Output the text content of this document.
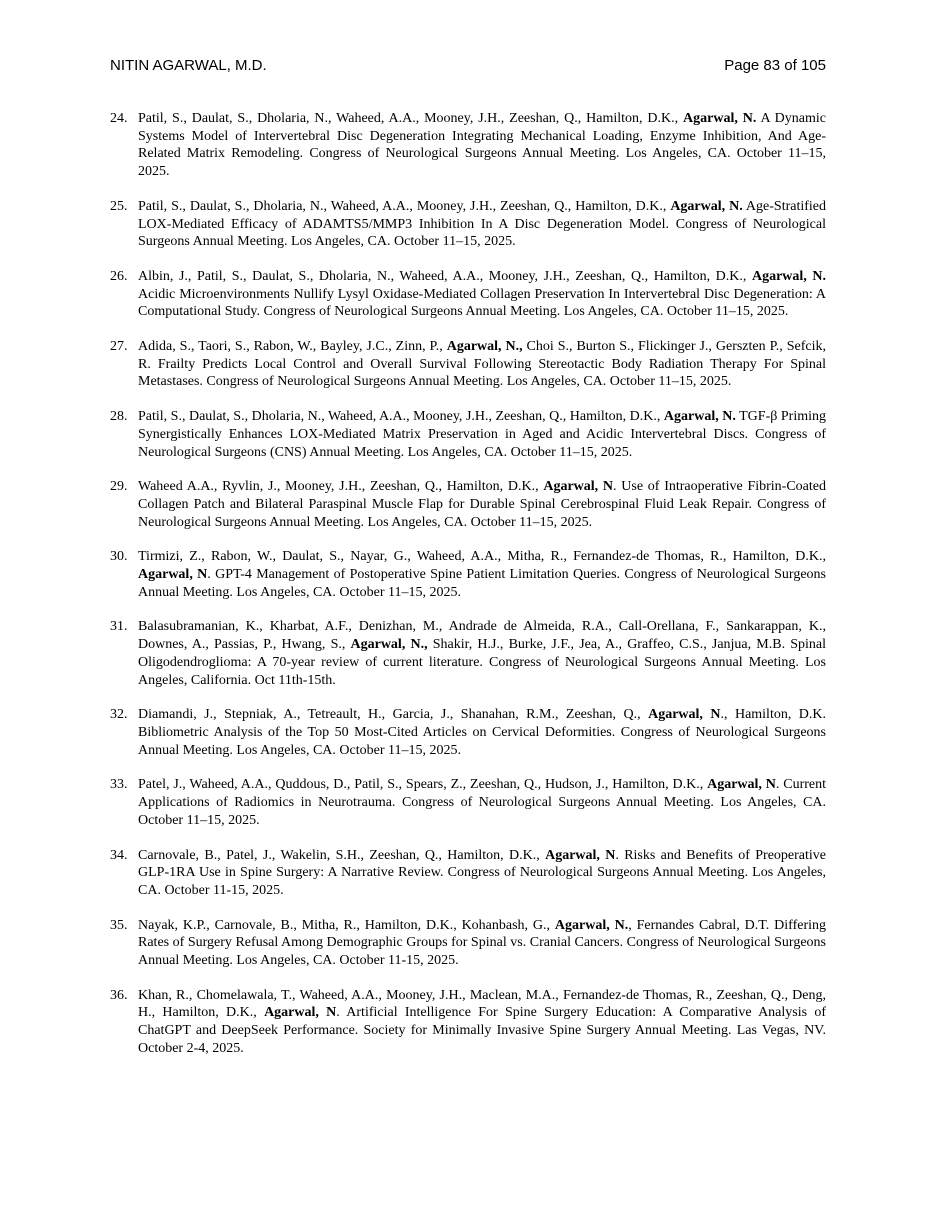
NITIN AGARWAL, M.D.	Page 83 of 105
24. Patil, S., Daulat, S., Dholaria, N., Waheed, A.A., Mooney, J.H., Zeeshan, Q., Hamilton, D.K., Agarwal, N. A Dynamic Systems Model of Intervertebral Disc Degeneration Integrating Mechanical Loading, Enzyme Inhibition, And Age-Related Matrix Remodeling. Congress of Neurological Surgeons Annual Meeting. Los Angeles, CA. October 11–15, 2025.
25. Patil, S., Daulat, S., Dholaria, N., Waheed, A.A., Mooney, J.H., Zeeshan, Q., Hamilton, D.K., Agarwal, N. Age-Stratified LOX-Mediated Efficacy of ADAMTS5/MMP3 Inhibition In A Disc Degeneration Model. Congress of Neurological Surgeons Annual Meeting. Los Angeles, CA. October 11–15, 2025.
26. Albin, J., Patil, S., Daulat, S., Dholaria, N., Waheed, A.A., Mooney, J.H., Zeeshan, Q., Hamilton, D.K., Agarwal, N. Acidic Microenvironments Nullify Lysyl Oxidase-Mediated Collagen Preservation In Intervertebral Disc Degeneration: A Computational Study. Congress of Neurological Surgeons Annual Meeting. Los Angeles, CA. October 11–15, 2025.
27. Adida, S., Taori, S., Rabon, W., Bayley, J.C., Zinn, P., Agarwal, N., Choi S., Burton S., Flickinger J., Gerszten P., Sefcik, R. Frailty Predicts Local Control and Overall Survival Following Stereotactic Body Radiation Therapy For Spinal Metastases. Congress of Neurological Surgeons Annual Meeting. Los Angeles, CA. October 11–15, 2025.
28. Patil, S., Daulat, S., Dholaria, N., Waheed, A.A., Mooney, J.H., Zeeshan, Q., Hamilton, D.K., Agarwal, N. TGF-β Priming Synergistically Enhances LOX-Mediated Matrix Preservation in Aged and Acidic Intervertebral Discs. Congress of Neurological Surgeons (CNS) Annual Meeting. Los Angeles, CA. October 11–15, 2025.
29. Waheed A.A., Ryvlin, J., Mooney, J.H., Zeeshan, Q., Hamilton, D.K., Agarwal, N. Use of Intraoperative Fibrin-Coated Collagen Patch and Bilateral Paraspinal Muscle Flap for Durable Spinal Cerebrospinal Fluid Leak Repair. Congress of Neurological Surgeons Annual Meeting. Los Angeles, CA. October 11–15, 2025.
30. Tirmizi, Z., Rabon, W., Daulat, S., Nayar, G., Waheed, A.A., Mitha, R., Fernandez-de Thomas, R., Hamilton, D.K., Agarwal, N. GPT-4 Management of Postoperative Spine Patient Limitation Queries. Congress of Neurological Surgeons Annual Meeting. Los Angeles, CA. October 11–15, 2025.
31. Balasubramanian, K., Kharbat, A.F., Denizhan, M., Andrade de Almeida, R.A., Call-Orellana, F., Sankarappan, K., Downes, A., Passias, P., Hwang, S., Agarwal, N., Shakir, H.J., Burke, J.F., Jea, A., Graffeo, C.S., Janjua, M.B. Spinal Oligodendroglioma: A 70-year review of current literature. Congress of Neurological Surgeons Annual Meeting. Los Angeles, California. Oct 11th-15th.
32. Diamandi, J., Stepniak, A., Tetreault, H., Garcia, J., Shanahan, R.M., Zeeshan, Q., Agarwal, N., Hamilton, D.K. Bibliometric Analysis of the Top 50 Most-Cited Articles on Cervical Deformities. Congress of Neurological Surgeons Annual Meeting. Los Angeles, CA. October 11–15, 2025.
33. Patel, J., Waheed, A.A., Quddous, D., Patil, S., Spears, Z., Zeeshan, Q., Hudson, J., Hamilton, D.K., Agarwal, N. Current Applications of Radiomics in Neurotrauma. Congress of Neurological Surgeons Annual Meeting. Los Angeles, CA. October 11–15, 2025.
34. Carnovale, B., Patel, J., Wakelin, S.H., Zeeshan, Q., Hamilton, D.K., Agarwal, N. Risks and Benefits of Preoperative GLP-1RA Use in Spine Surgery: A Narrative Review. Congress of Neurological Surgeons Annual Meeting. Los Angeles, CA. October 11-15, 2025.
35. Nayak, K.P., Carnovale, B., Mitha, R., Hamilton, D.K., Kohanbash, G., Agarwal, N., Fernandes Cabral, D.T. Differing Rates of Surgery Refusal Among Demographic Groups for Spinal vs. Cranial Cancers. Congress of Neurological Surgeons Annual Meeting. Los Angeles, CA. October 11-15, 2025.
36. Khan, R., Chomelawala, T., Waheed, A.A., Mooney, J.H., Maclean, M.A., Fernandez-de Thomas, R., Zeeshan, Q., Deng, H., Hamilton, D.K., Agarwal, N. Artificial Intelligence For Spine Surgery Education: A Comparative Analysis of ChatGPT and DeepSeek Performance. Society for Minimally Invasive Spine Surgery Annual Meeting. Las Vegas, NV. October 2-4, 2025.
